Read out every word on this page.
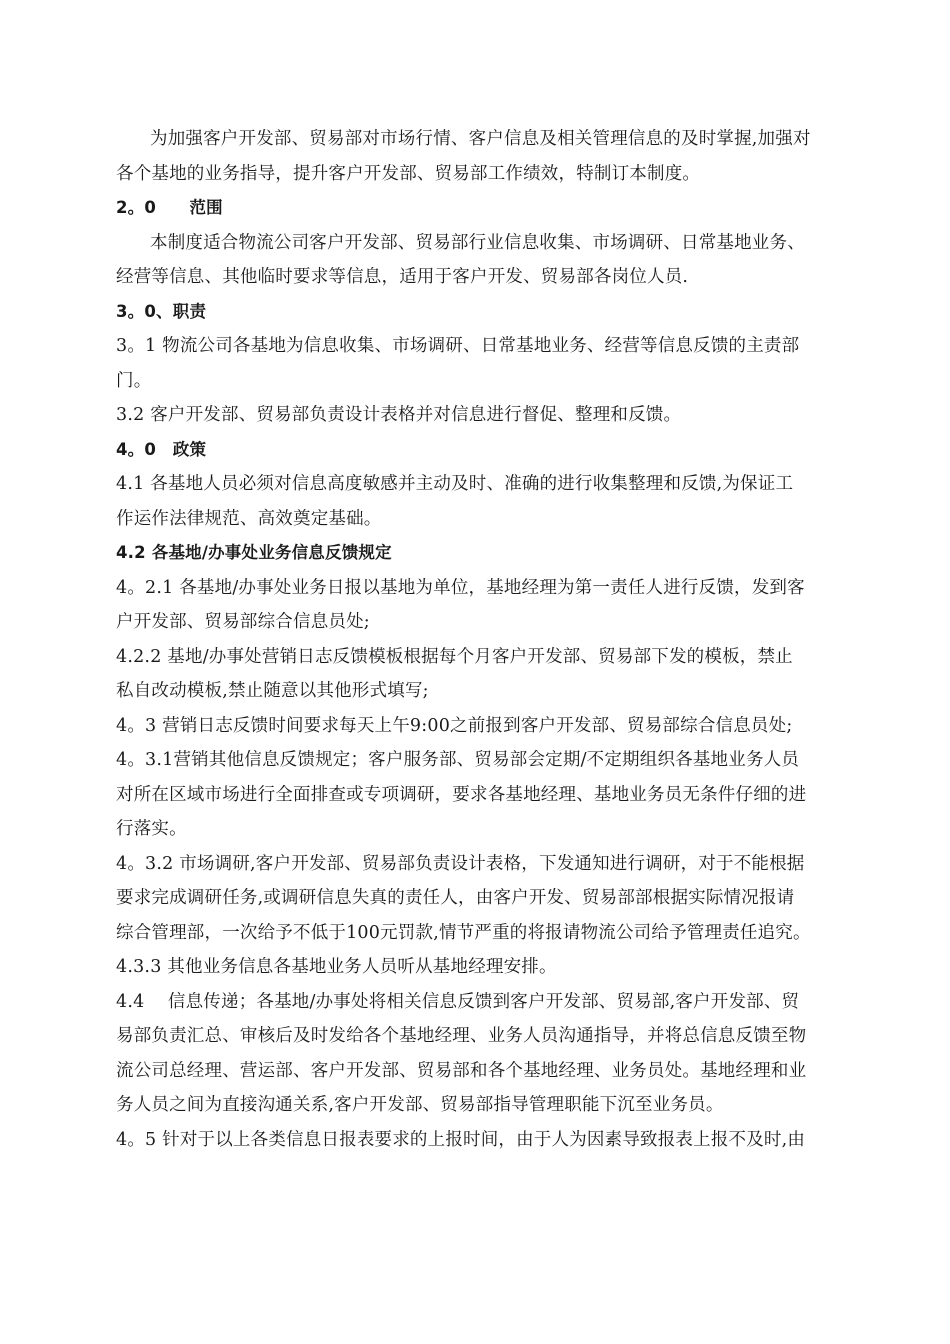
为加强客户开发部、贸易部对市场行情、客户信息及相关管理信息的及时掌握,加强对
各个基地的业务指导，提升客户开发部、贸易部工作绩效，特制订本制度。
2。0　　范围
本制度适合物流公司客户开发部、贸易部行业信息收集、市场调研、日常基地业务、
经营等信息、其他临时要求等信息，适用于客户开发、贸易部各岗位人员.
3。0、职责
3。1 物流公司各基地为信息收集、市场调研、日常基地业务、经营等信息反馈的主责部
门。
3.2 客户开发部、贸易部负责设计表格并对信息进行督促、整理和反馈。
4。0　政策
4.1 各基地人员必须对信息高度敏感并主动及时、准确的进行收集整理和反馈,为保证工
作运作法律规范、高效奠定基础。
4.2 各基地/办事处业务信息反馈规定
4。2.1 各基地/办事处业务日报以基地为单位，基地经理为第一责任人进行反馈，发到客
户开发部、贸易部综合信息员处;
4.2.2 基地/办事处营销日志反馈模板根据每个月客户开发部、贸易部下发的模板，禁止
私自改动模板,禁止随意以其他形式填写;
4。3 营销日志反馈时间要求每天上午9:00之前报到客户开发部、贸易部综合信息员处;
4。3.1营销其他信息反馈规定；客户服务部、贸易部会定期/不定期组织各基地业务人员
对所在区域市场进行全面排查或专项调研，要求各基地经理、基地业务员无条件仔细的进
行落实。
4。3.2 市场调研,客户开发部、贸易部负责设计表格，下发通知进行调研，对于不能根据
要求完成调研任务,或调研信息失真的责任人，由客户开发、贸易部部根据实际情况报请
综合管理部，一次给予不低于100元罚款,情节严重的将报请物流公司给予管理责任追究。
4.3.3 其他业务信息各基地业务人员听从基地经理安排。
4.4　 信息传递；各基地/办事处将相关信息反馈到客户开发部、贸易部,客户开发部、贸
易部负责汇总、审核后及时发给各个基地经理、业务人员沟通指导，并将总信息反馈至物
流公司总经理、营运部、客户开发部、贸易部和各个基地经理、业务员处。基地经理和业
务人员之间为直接沟通关系,客户开发部、贸易部指导管理职能下沉至业务员。
4。5 针对于以上各类信息日报表要求的上报时间，由于人为因素导致报表上报不及时,由
